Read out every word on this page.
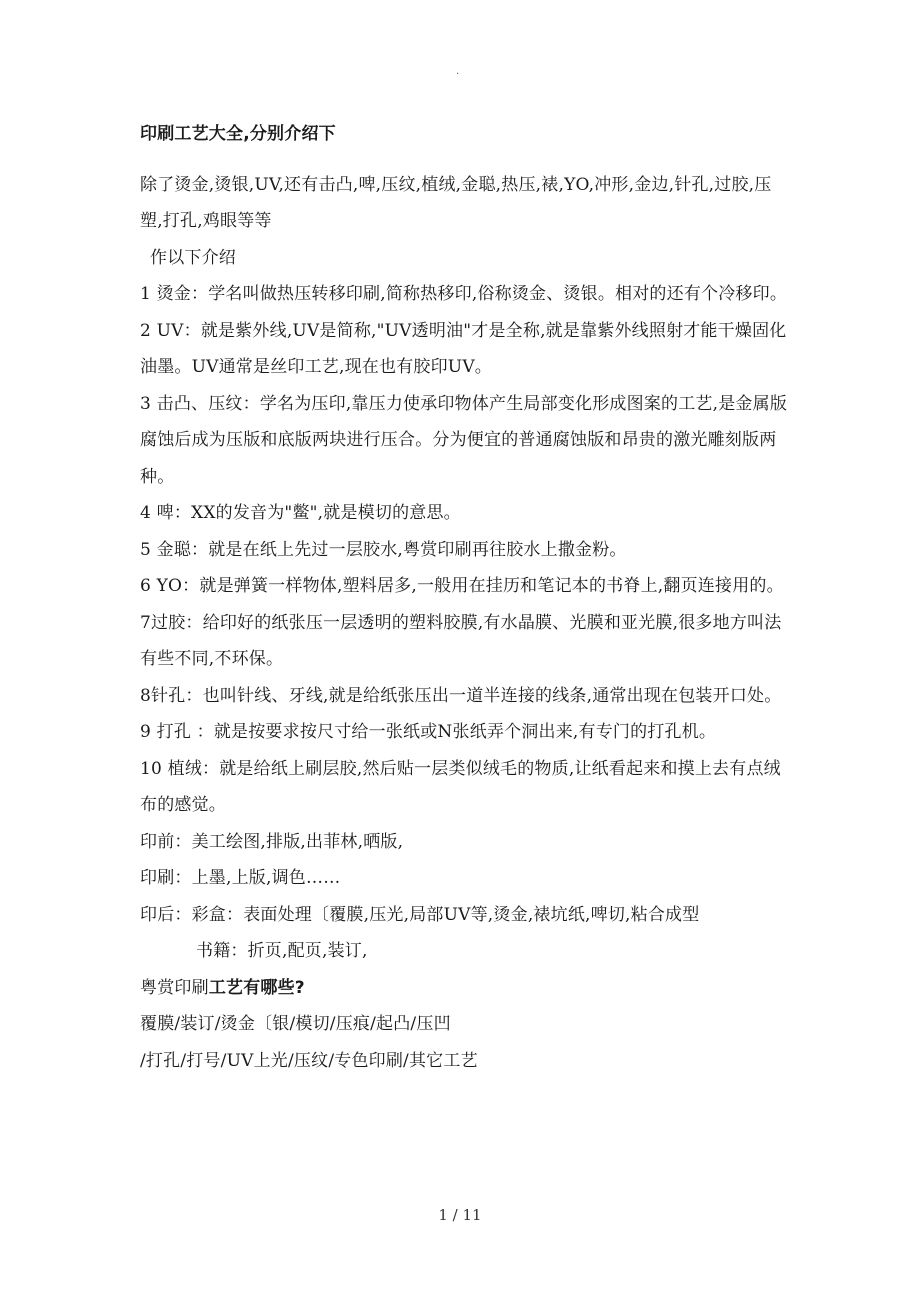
.

印刷工艺大全,分别介绍下

除了烫金,烫银,UV,还有击凸,啤,压纹,植绒,金聪,热压,裱,YO,冲形,金边,针孔,过胶,压塑,打孔,鸡眼等等

作以下介绍

1 烫金：学名叫做热压转移印刷,简称热移印,俗称烫金、烫银。相对的还有个冷移印。

2 UV：就是紫外线,UV是简称,"UV透明油"才是全称,就是靠紫外线照射才能干燥固化油墨。UV通常是丝印工艺,现在也有胶印UV。

3 击凸、压纹：学名为压印,靠压力使承印物体产生局部变化形成图案的工艺,是金属版腐蚀后成为压版和底版两块进行压合。分为便宜的普通腐蚀版和昂贵的激光雕刻版两种。

4 啤：XX的发音为"鳖",就是模切的意思。

5 金聪：就是在纸上先过一层胶水,粤赏印刷再往胶水上撒金粉。

6 YO：就是弹簧一样物体,塑料居多,一般用在挂历和笔记本的书脊上,翻页连接用的。

7过胶：给印好的纸张压一层透明的塑料胶膜,有水晶膜、光膜和亚光膜,很多地方叫法有些不同,不环保。

8针孔：也叫针线、牙线,就是给纸张压出一道半连接的线条,通常出现在包装开口处。

9 打孔 ：就是按要求按尺寸给一张纸或N张纸弄个洞出来,有专门的打孔机。

10 植绒：就是给纸上刷层胶,然后贴一层类似绒毛的物质,让纸看起来和摸上去有点绒布的感觉。

印前：美工绘图,排版,出菲林,晒版,

印刷：上墨,上版,调色……

印后：彩盒：表面处理〔覆膜,压光,局部UV等,烫金,裱坑纸,啤切,粘合成型

书籍：折页,配页,装订,

粤赏印刷工艺有哪些?

覆膜/装订/烫金〔银/模切/压痕/起凸/压凹

/打孔/打号/UV上光/压纹/专色印刷/其它工艺

1 / 11
